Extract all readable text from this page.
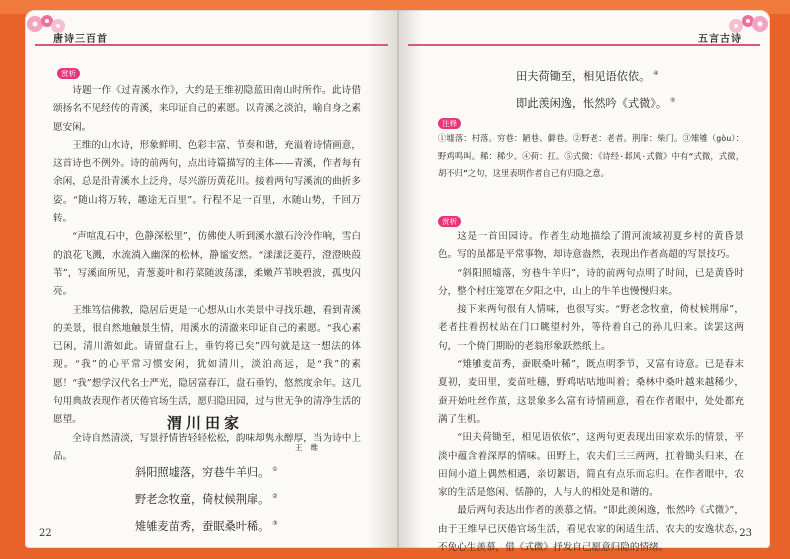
唐诗三百首
赏析

诗题一作《过青溪水作》，大约是王维初隐蓝田南山时所作。此诗借颂扬名不见经传的青溪，来印证自己的素愿。以青溪之淡泊，喻自身之素愿安闲。

王维的山水诗，形象鲜明、色彩丰富、节奏和谐，充溢着诗情画意，这首诗也不例外。诗的前两句，点出诗篇描写的主体——青溪，作者每有余闲，总是沿青溪水上泛舟，尽兴游历黄花川。接着两句写溪流的曲折多姿。“随山将万转，趣途无百里”。行程不足一百里，水随山势，千回万转。

“声喧乱石中，色静深松里”，仿佛使人听到溪水激石泠泠作响，雪白的浪花飞溅，水流淌入幽深的松林，静谧安然。“漾漾泛菱荇，澄澄映葭苇”，写溪面所见，青葱菱叶和荇菜随波荡漾，柔嫩芦苇映碧波，孤曳闪亮。

王维笃信佛教，隐居后更是一心想从山水美景中寻找乐趣，看到青溪的美景，很自然地触景生情，用溪水的清澈来印证自己的素愿。“我心素已闲，清川澹如此。请留盘石上，垂钓将已矣”四句就是这一想法的体现。“我”的心平常习惯安闲，犹如清川，淡泊高远，是“我”的素愿！“我”想学汉代名士严光，隐居富春江，盘石垂钓，悠然度余年。这几句用典故表现作者厌倦官场生活，愿归隐田园，过与世无争的清净生活的愿望。

全诗自然清淡，写景抒情皆轻轻松松，韵味却隽永醇厚，当为诗中上品。

渭川田家
王维
斜阳照墟落，穷巷牛羊归。 ①
野老念牧童，倚杖候荆扉。 ②
雉雊麦苗秀，蚕眠桑叶稀。 ③
22
五言古诗
田夫荷锄至，相见语依依。 ④
即此羡闲逸，怅然吟《式微》。 ⑤
注释

①墟落：村落。穷巷：陋巷、僻巷。②野老：老者。荆扉：柴门。③雉雊（gòu）：野鸡鸣叫。稀：稀少。④荷：扛。⑤式微：《诗经·邶风·式微》中有“式微，式微，胡不归”之句，这里表明作者自己有归隐之意。

赏析

这是一首田园诗。作者生动地描绘了渭河流域初夏乡村的黄昏景色。写的虽都是平常事物，却诗意盎然，表现出作者高超的写景技巧。

“斜阳照墟落，穷巷牛羊归”，诗的前两句点明了时间，已是黄昏时分，整个村庄笼罩在夕阳之中，山上的牛羊也慢慢归来。

接下来两句很有人情味，也很写实。“野老念牧童，倚杖候荆扉”，老者拄着拐杖站在门口眺望村外，等待着自己的孙儿归来。读罢这两句，一个倚门期盼的老翁形象跃然纸上。

“雉雊麦苗秀，蚕眠桑叶稀”，既点明季节，又富有诗意。已是春末夏初，麦田里，麦苗吐穗，野鸡咕咕地叫着；桑林中桑叶越来越稀少，蚕开始吐丝作茧，这景象多么富有诗情画意，看在作者眼中，处处都充满了生机。

“田夫荷锄至，相见语依依”，这两句更表现出田家欢乐的情景，平淡中蕴含着深厚的情味。田野上，农夫们三三两两，扛着锄头归来，在田间小道上偶然相遇，亲切絮语，简直有点乐而忘归。在作者眼中，农家的生活是悠闲、恬静的，人与人的相处是和谐的。

最后两句表达出作者的羡慕之情。“即此羡闲逸，怅然吟《式微》”，由于王维早已厌倦官场生活，看见农家的闲适生活、农夫的安逸状态，不免心生羡慕，借《式微》抒发自己愿意归隐的情绪。

23
